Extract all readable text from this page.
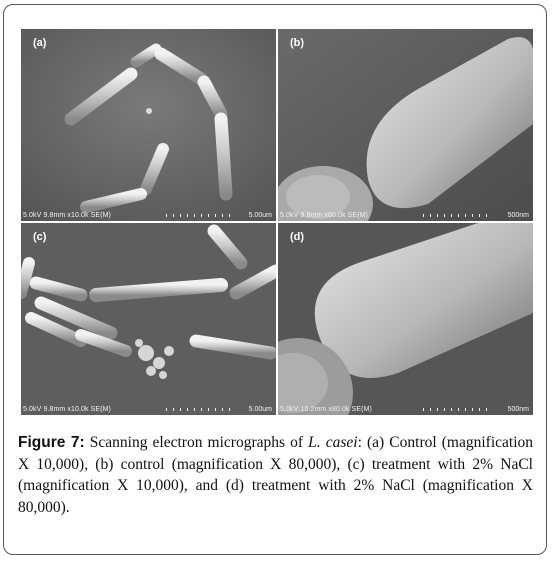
(a)
5.0kV 9.8mm x10.0k SE(M)	5.00um
(b)
5.0kV 9.8mm x80.0k SE(M)	500nm
(c)
5.0kV 9.8mm x10.0k SE(M)	5.00um
(d)
5.0kV 10.2mm x80.0k SE(M)	500nm
Figure 7: Scanning electron micrographs of L. casei: (a) Control (magnification X 10,000), (b) control (magnification X 80,000), (c) treatment with 2% NaCl (magnification X 10,000), and (d) treatment with 2% NaCl (magnification X 80,000).
